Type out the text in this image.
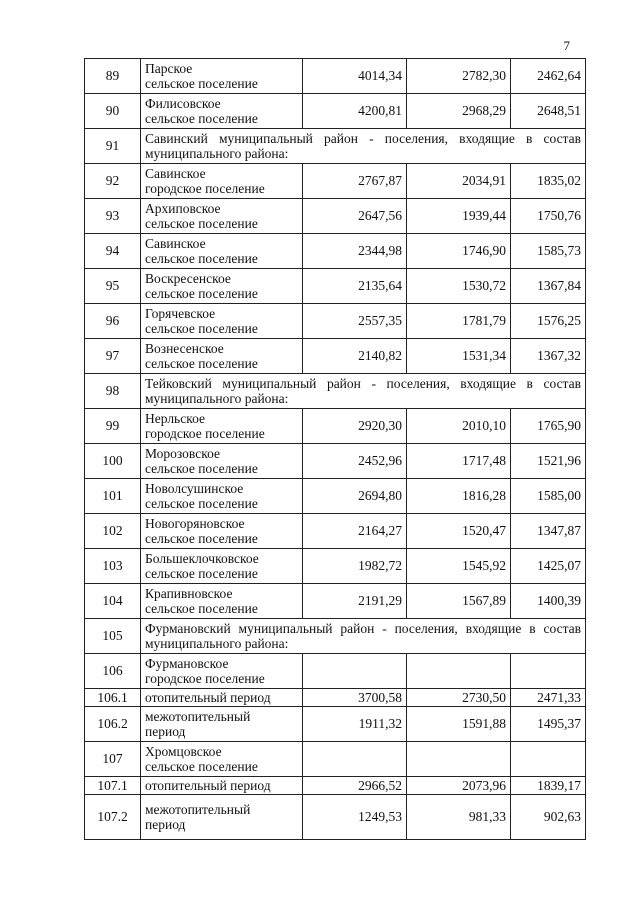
7
89	Парское
сельское поселение	4014,34	2782,30	2462,64
90	Филисовское
сельское поселение	4200,81	2968,29	2648,51
91	Савинский муниципальный район - поселения, входящие в состав муниципального района:			
92	Савинское
городское поселение	2767,87	2034,91	1835,02
93	Архиповское
сельское поселение	2647,56	1939,44	1750,76
94	Савинское
сельское поселение	2344,98	1746,90	1585,73
95	Воскресенское
сельское поселение	2135,64	1530,72	1367,84
96	Горячевское
сельское поселение	2557,35	1781,79	1576,25
97	Вознесенское
сельское поселение	2140,82	1531,34	1367,32
98	Тейковский муниципальный район - поселения, входящие в состав муниципального района:			
99	Нерльское
городское поселение	2920,30	2010,10	1765,90
100	Морозовское
сельское поселение	2452,96	1717,48	1521,96
101	Новолсушинское
сельское поселение	2694,80	1816,28	1585,00
102	Новогоряновское
сельское поселение	2164,27	1520,47	1347,87
103	Большеклочковское
сельское поселение	1982,72	1545,92	1425,07
104	Крапивновское
сельское поселение	2191,29	1567,89	1400,39
105	Фурмановский муниципальный район - поселения, входящие в состав муниципального района:			
106	Фурмановское
городское поселение			

106.1	отопительный период	3700,58	2730,50	2471,33
106.2	межотопительный
период	1911,32	1591,88	1495,37
107	Хромцовское
сельское поселение			

107.1	отопительный период	2966,52	2073,96	1839,17
107.2	межотопительный
период	1249,53	981,33	902,63
